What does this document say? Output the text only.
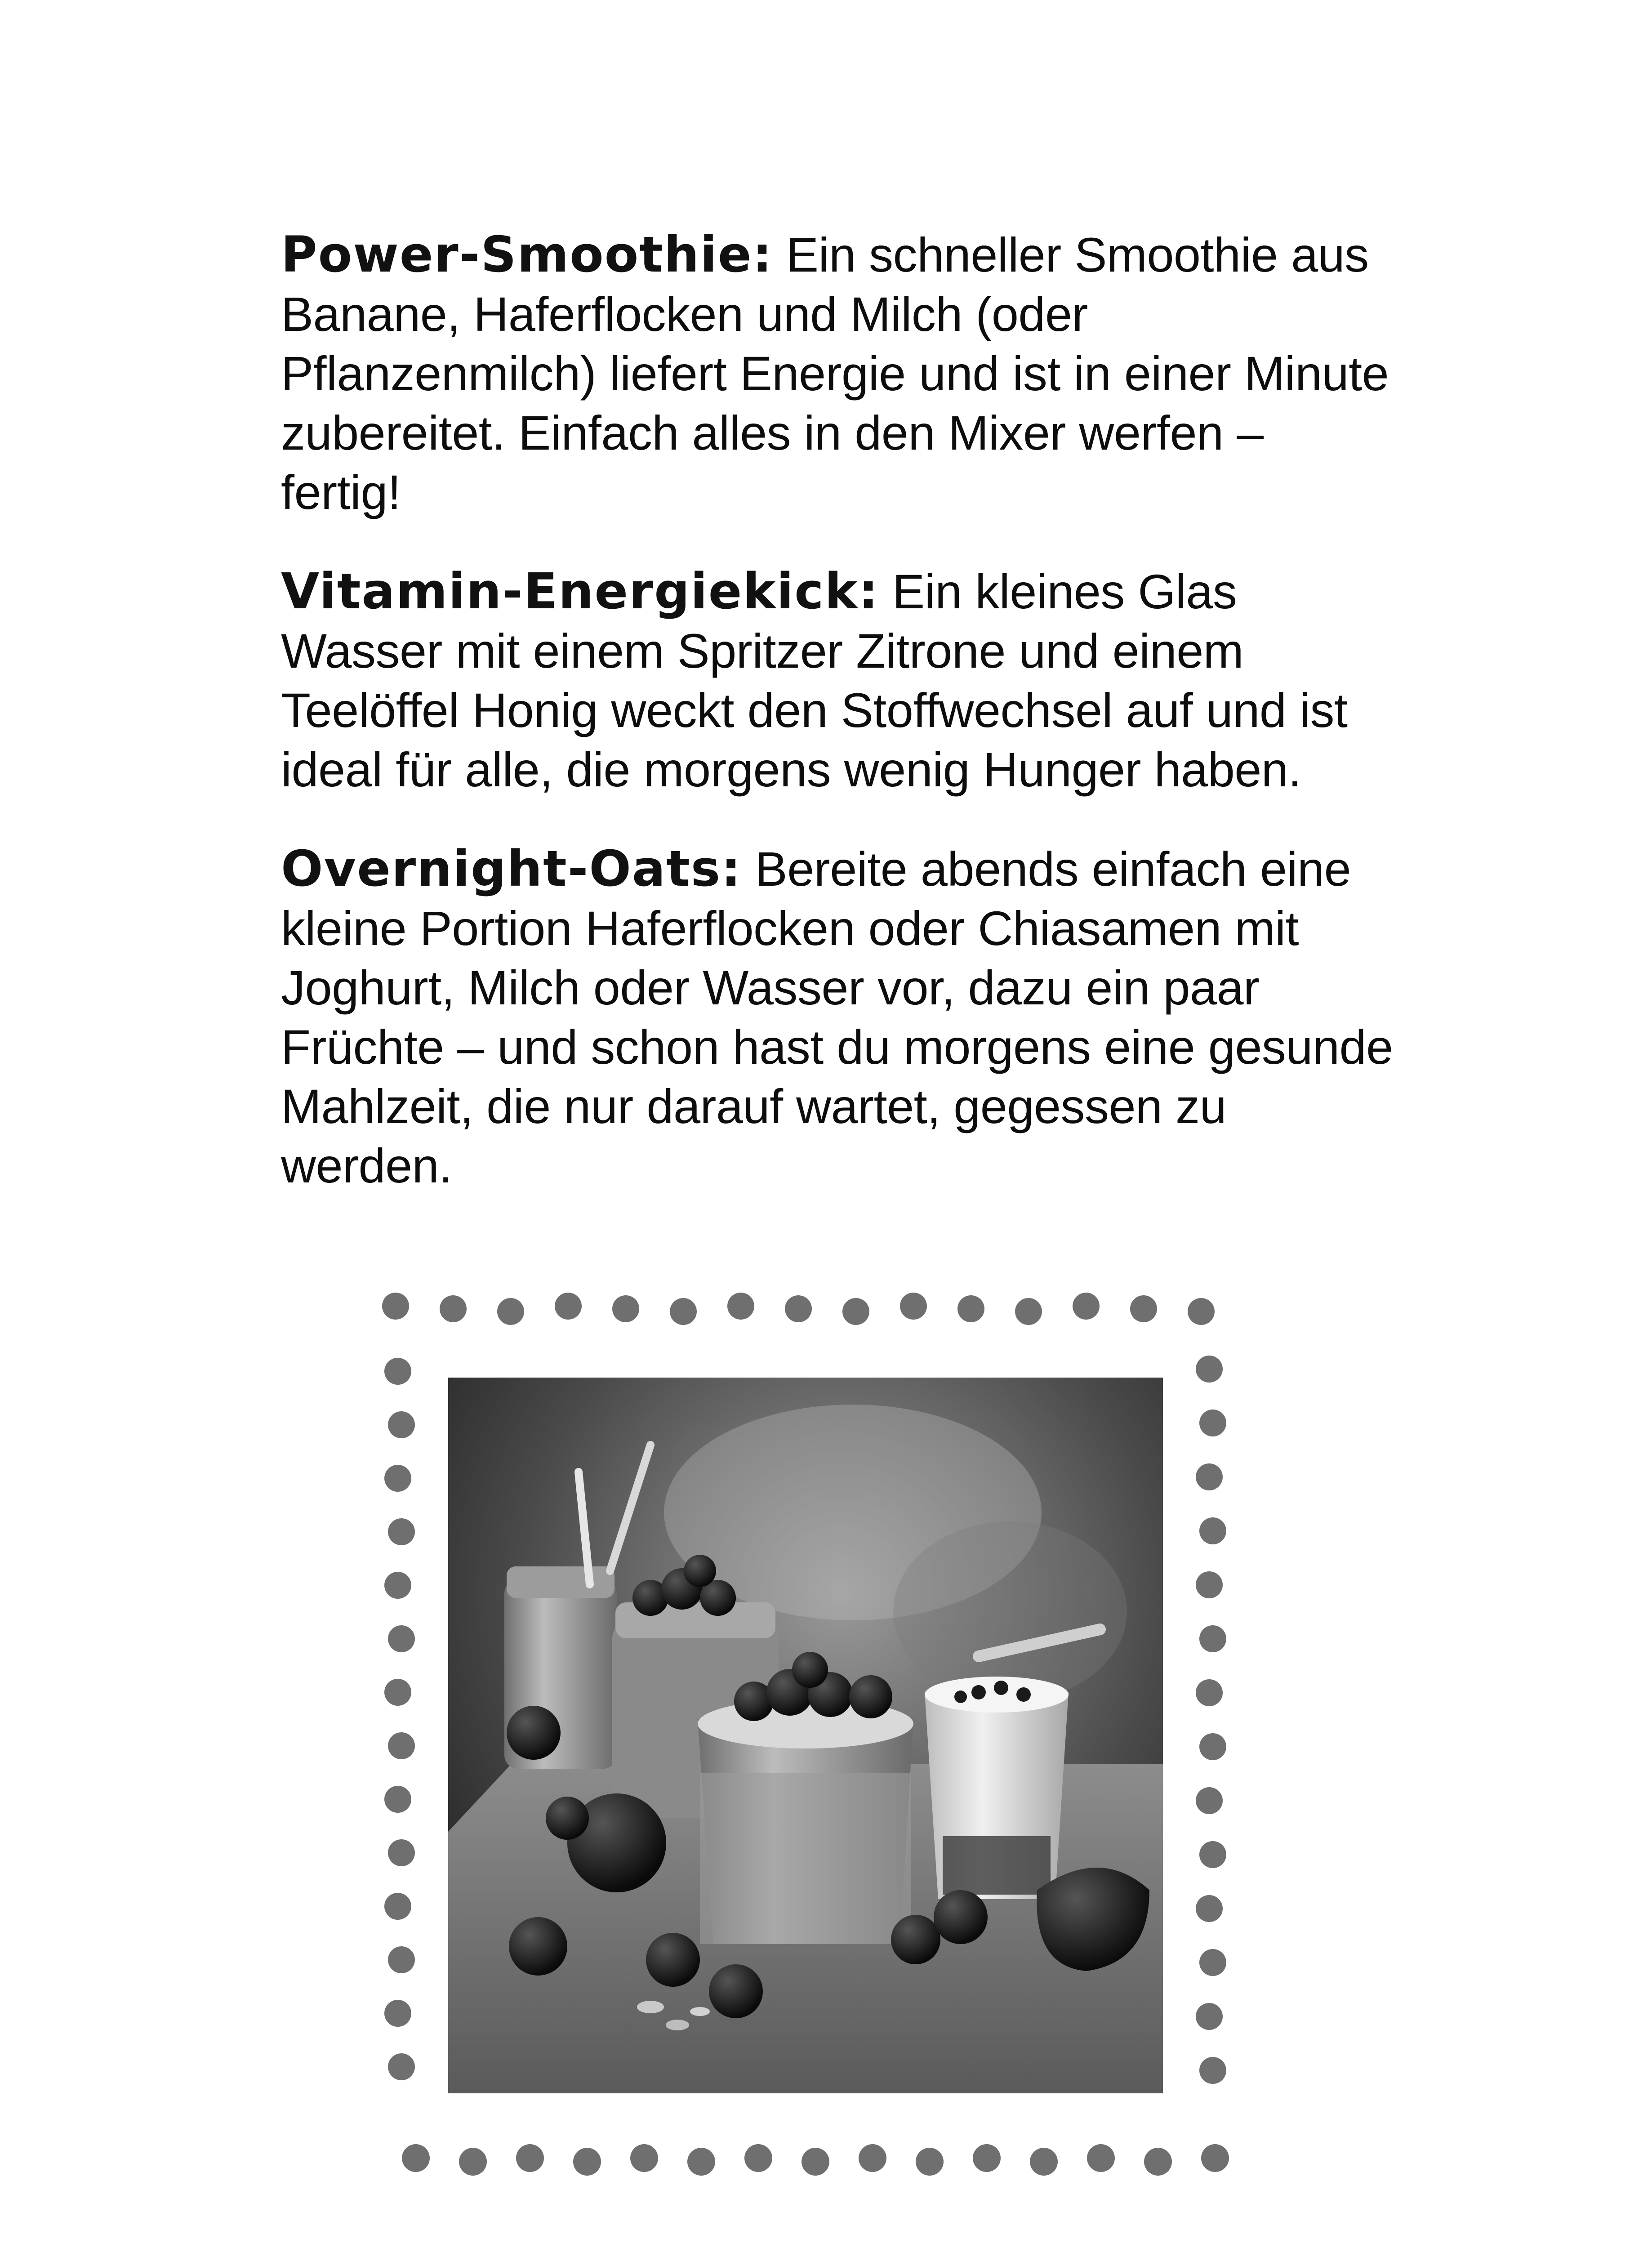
Power-Smoothie: Ein schneller Smoothie aus Banane, Haferflocken und Milch (oder Pflanzenmilch) liefert Energie und ist in einer Minute zubereitet. Einfach alles in den Mixer werfen – fertig!

Vitamin-Energiekick: Ein kleines Glas Wasser mit einem Spritzer Zitrone und einem Teelöffel Honig weckt den Stoffwechsel auf und ist ideal für alle, die morgens wenig Hunger haben.

Overnight-Oats: Bereite abends einfach eine kleine Portion Haferflocken oder Chiasamen mit Joghurt, Milch oder Wasser vor, dazu ein paar Früchte – und schon hast du morgens eine gesunde Mahlzeit, die nur darauf wartet, gegessen zu werden.
